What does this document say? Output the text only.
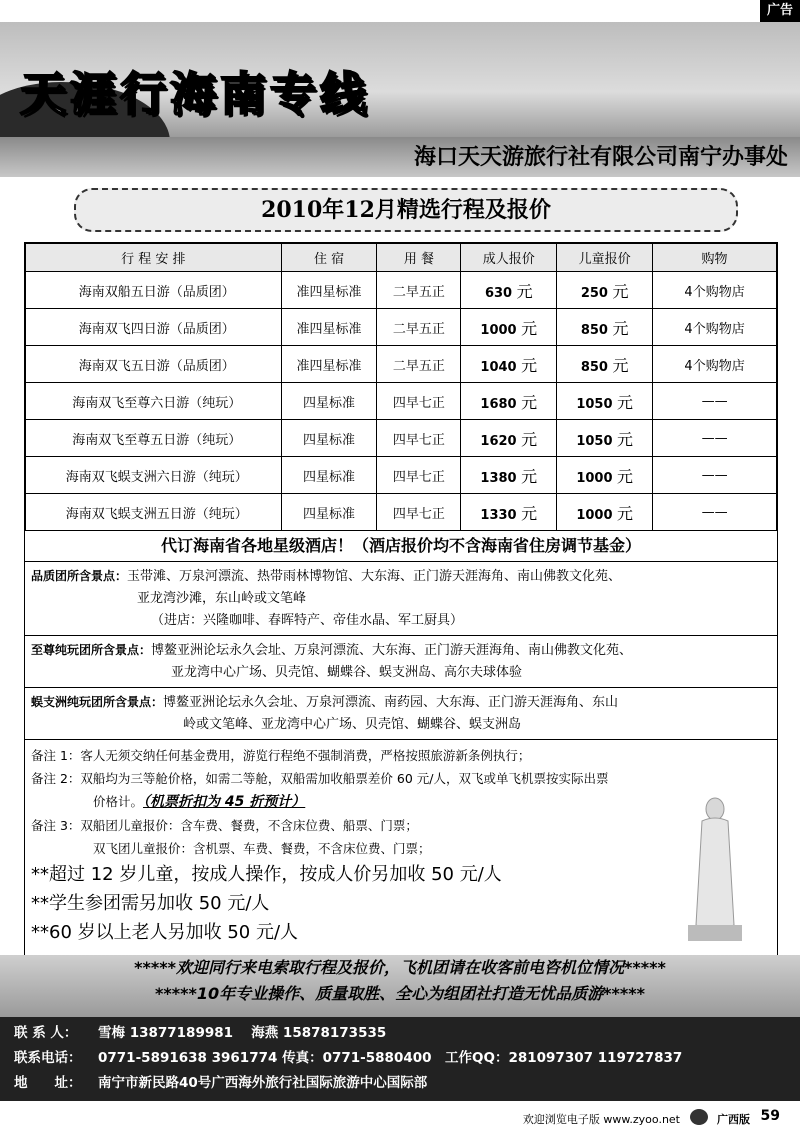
广告
天涯行海南专线
海口天天游旅行社有限公司南宁办事处
2010年12月精选行程及报价
行 程 安 排	住 宿	用 餐	成人报价	儿童报价	购物
海南双船五日游（品质团）	准四星标准	二早五正	630 元	250 元	4个购物店
海南双飞四日游（品质团）	准四星标准	二早五正	1000 元	850 元	4个购物店
海南双飞五日游（品质团）	准四星标准	二早五正	1040 元	850 元	4个购物店
海南双飞至尊六日游（纯玩）	四星标准	四早七正	1680 元	1050 元	——
海南双飞至尊五日游（纯玩）	四星标准	四早七正	1620 元	1050 元	——
海南双飞蜈支洲六日游（纯玩）	四星标准	四早七正	1380 元	1000 元	——
海南双飞蜈支洲五日游（纯玩）	四星标准	四早七正	1330 元	1000 元	——
代订海南省各地星级酒店！（酒店报价均不含海南省住房调节基金）
品质团所含景点：玉带滩、万泉河漂流、热带雨林博物馆、大东海、正门游天涯海角、南山佛教文化苑、
亚龙湾沙滩，东山岭或文笔峰
（进店：兴隆咖啡、春晖特产、帝佳水晶、军工厨具）
至尊纯玩团所含景点：博鳌亚洲论坛永久会址、万泉河漂流、大东海、正门游天涯海角、南山佛教文化苑、
亚龙湾中心广场、贝壳馆、蝴蝶谷、蜈支洲岛、高尔夫球体验
蜈支洲纯玩团所含景点：博鳌亚洲论坛永久会址、万泉河漂流、南药园、大东海、正门游天涯海角、东山
岭或文笔峰、亚龙湾中心广场、贝壳馆、蝴蝶谷、蜈支洲岛
备注 1：客人无须交纳任何基金费用，游览行程绝不强制消费，严格按照旅游新条例执行；
备注 2：双船均为三等舱价格，如需二等舱，双船需加收船票差价 60 元/人，双飞或单飞机票按实际出票
价格计。（机票折扣为 45 折预计）
备注 3：双船团儿童报价：含车费、餐费，不含床位费、船票、门票；
双飞团儿童报价：含机票、车费、餐费，不含床位费、门票；
**超过 12 岁儿童，按成人操作，按成人价另加收 50 元/人
**学生参团需另加收 50 元/人
**60 岁以上老人另加收 50 元/人
*****欢迎同行来电索取行程及报价，飞机团请在收客前电咨机位情况*****
*****10年专业操作、质量取胜、全心为组团社打造无忧品质游*****
联 系 人： 雪梅 13877189981　 海燕 15878173535
联系电话： 0771-5891638 3961774 传真：0771-5880400　工作QQ：281097307 119727837
地　　址： 南宁市新民路40号广西海外旅行社国际旅游中心国际部
欢迎浏览电子版 www.zyoo.net	广西版 59
